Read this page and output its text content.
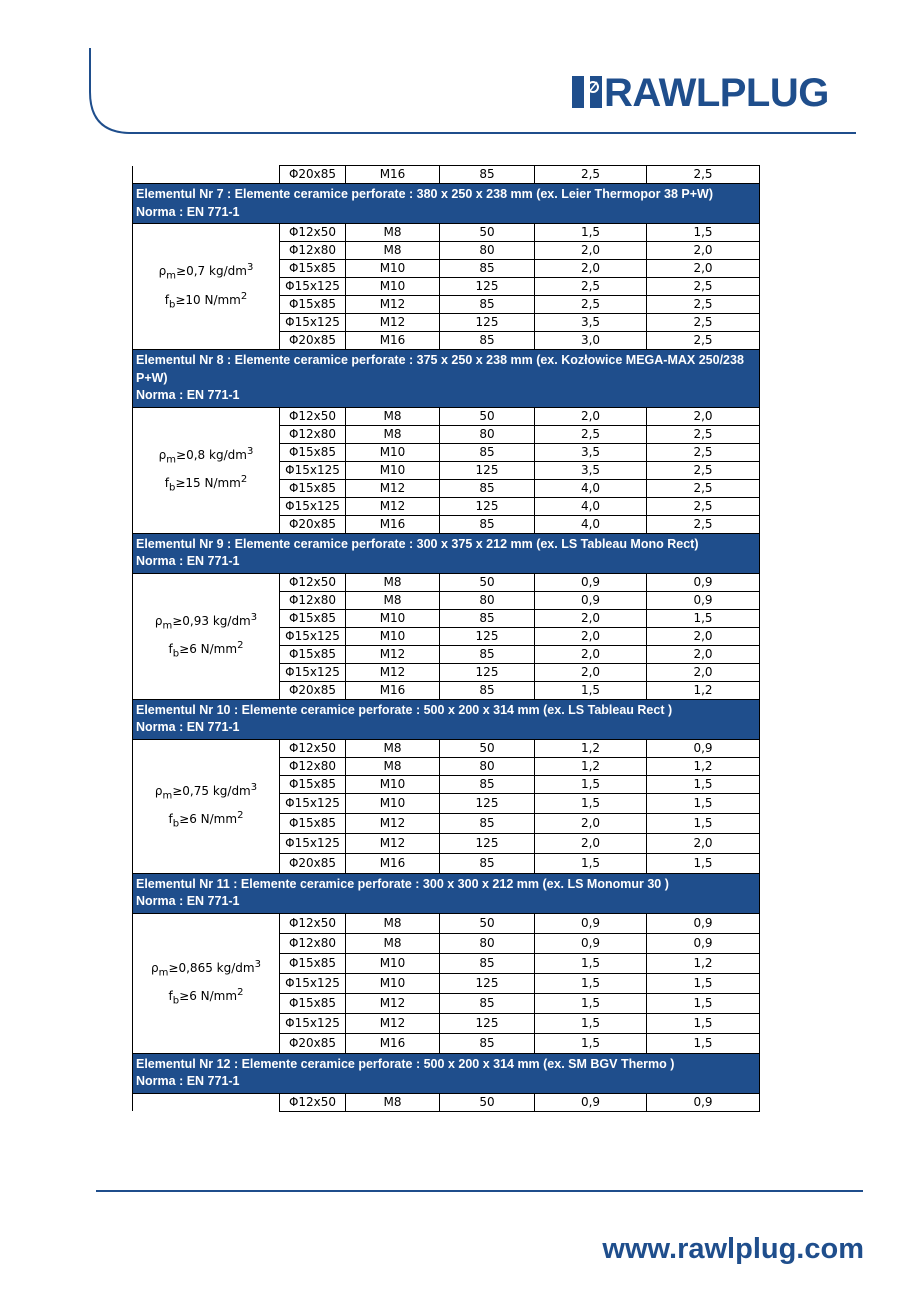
RAWLPLUG
	Φ20x85	M16	85	2,5	2,5

Elementul Nr 7 : Elemente ceramice perforate : 380 x 250 x 238 mm (ex. Leier Thermopor 38 P+W)
Norma : EN 771-1					

$\rho_m\ge 0,7$ $kg/dm^3$
$f_b\ge 10$ $N/mm^2$	Φ12x50	M8	50	1,5	1,5
	Φ12x80	M8	80	2,0	2,0
	Φ15x85	M10	85	2,0	2,0
	Φ15x125	M10	125	2,5	2,5
	Φ15x85	M12	85	2,5	2,5
	Φ15x125	M12	125	3,5	2,5
	Φ20x85	M16	85	3,0	2,5

Elementul Nr 8 : Elemente ceramice perforate : 375 x 250 x 238 mm (ex. Kozłowice MEGA-MAX 250/238 P+W)
Norma : EN 771-1					

$\rho_m\ge 0,8$ $kg/dm^3$
$f_b\ge 15$ $N/mm^2$	Φ12x50	M8	50	2,0	2,0
	Φ12x80	M8	80	2,5	2,5
	Φ15x85	M10	85	3,5	2,5
	Φ15x125	M10	125	3,5	2,5
	Φ15x85	M12	85	4,0	2,5
	Φ15x125	M12	125	4,0	2,5
	Φ20x85	M16	85	4,0	2,5

Elementul Nr 9 : Elemente ceramice perforate : 300 x 375 x 212 mm (ex. LS Tableau Mono Rect)
Norma : EN 771-1					

$\rho_m\ge 0,93$ $kg/dm^3$
$f_b\ge 6$ $N/mm^2$	Φ12x50	M8	50	0,9	0,9
	Φ12x80	M8	80	0,9	0,9
	Φ15x85	M10	85	2,0	1,5
	Φ15x125	M10	125	2,0	2,0
	Φ15x85	M12	85	2,0	2,0
	Φ15x125	M12	125	2,0	2,0
	Φ20x85	M16	85	1,5	1,2

Elementul Nr 10 : Elemente ceramice perforate : 500 x 200 x 314 mm (ex. LS Tableau Rect )
Norma : EN 771-1					

$\rho_m\ge 0,75$ $kg/dm^3$
$f_b\ge 6$ $N/mm^2$	Φ12x50	M8	50	1,2	0,9
	Φ12x80	M8	80	1,2	1,2
	Φ15x85	M10	85	1,5	1,5
	Φ15x125	M10	125	1,5	1,5
	Φ15x85	M12	85	2,0	1,5
	Φ15x125	M12	125	2,0	2,0
	Φ20x85	M16	85	1,5	1,5

Elementul Nr 11 : Elemente ceramice perforate : 300 x 300 x 212 mm (ex. LS Monomur 30 )
Norma : EN 771-1					

$\rho_m\ge 0,865$ $kg/dm^3$
$f_b\ge 6$ $N/mm^2$	Φ12x50	M8	50	0,9	0,9
	Φ12x80	M8	80	0,9	0,9
	Φ15x85	M10	85	1,5	1,2
	Φ15x125	M10	125	1,5	1,5
	Φ15x85	M12	85	1,5	1,5
	Φ15x125	M12	125	1,5	1,5
	Φ20x85	M16	85	1,5	1,5

Elementul Nr 12 : Elemente ceramice perforate : 500 x 200 x 314 mm (ex. SM BGV Thermo )
Norma : EN 771-1					

	Φ12x50	M8	50	0,9	0,9
www.rawlplug.com
